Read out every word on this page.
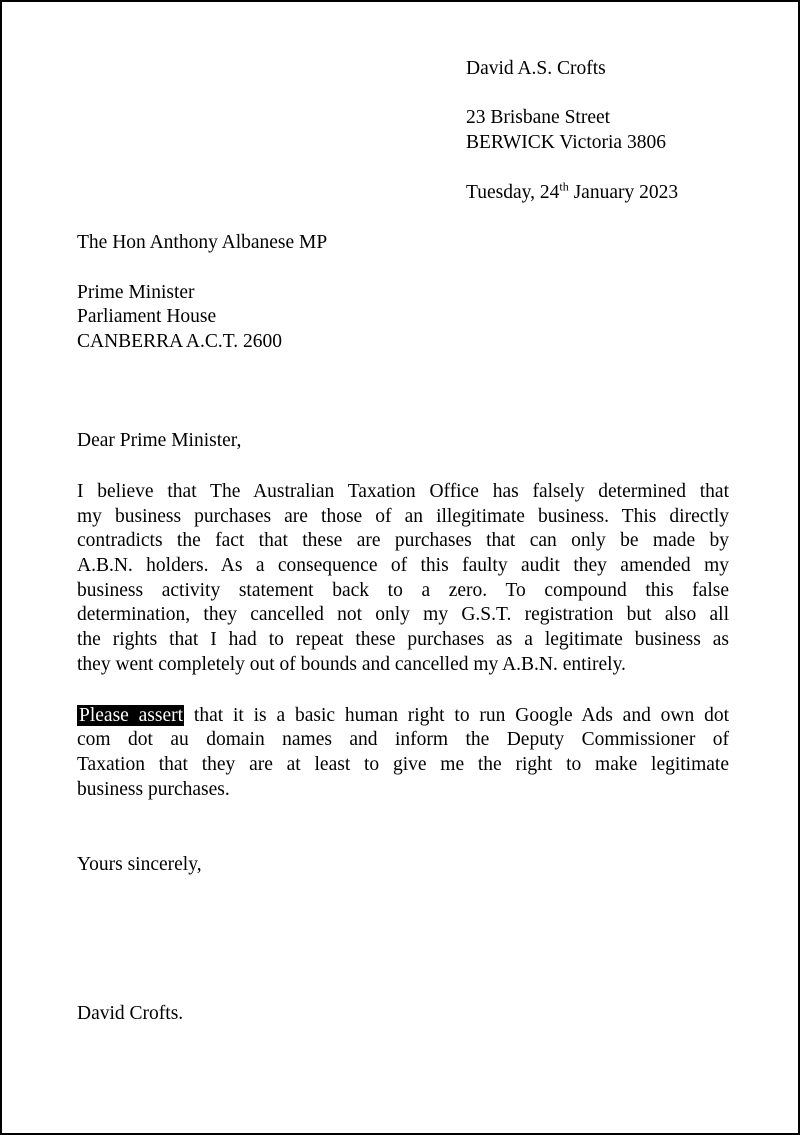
David A.S. Crofts
23 Brisbane Street
BERWICK Victoria 3806
Tuesday, 24th January 2023
The Hon Anthony Albanese MP
Prime Minister
Parliament House
CANBERRA A.C.T. 2600
Dear Prime Minister,
I believe that The Australian Taxation Office has falsely determined that
my business purchases are those of an illegitimate business. This directly
contradicts the fact that these are purchases that can only be made by
A.B.N. holders. As a consequence of this faulty audit they amended my
business activity statement back to a zero. To compound this false
determination, they cancelled not only my G.S.T. registration but also all
the rights that I had to repeat these purchases as a legitimate business as
they went completely out of bounds and cancelled my A.B.N. entirely.
Please assert that it is a basic human right to run Google Ads and own dot
com dot au domain names and inform the Deputy Commissioner of
Taxation that they are at least to give me the right to make legitimate
business purchases.
Yours sincerely,
David Crofts.
